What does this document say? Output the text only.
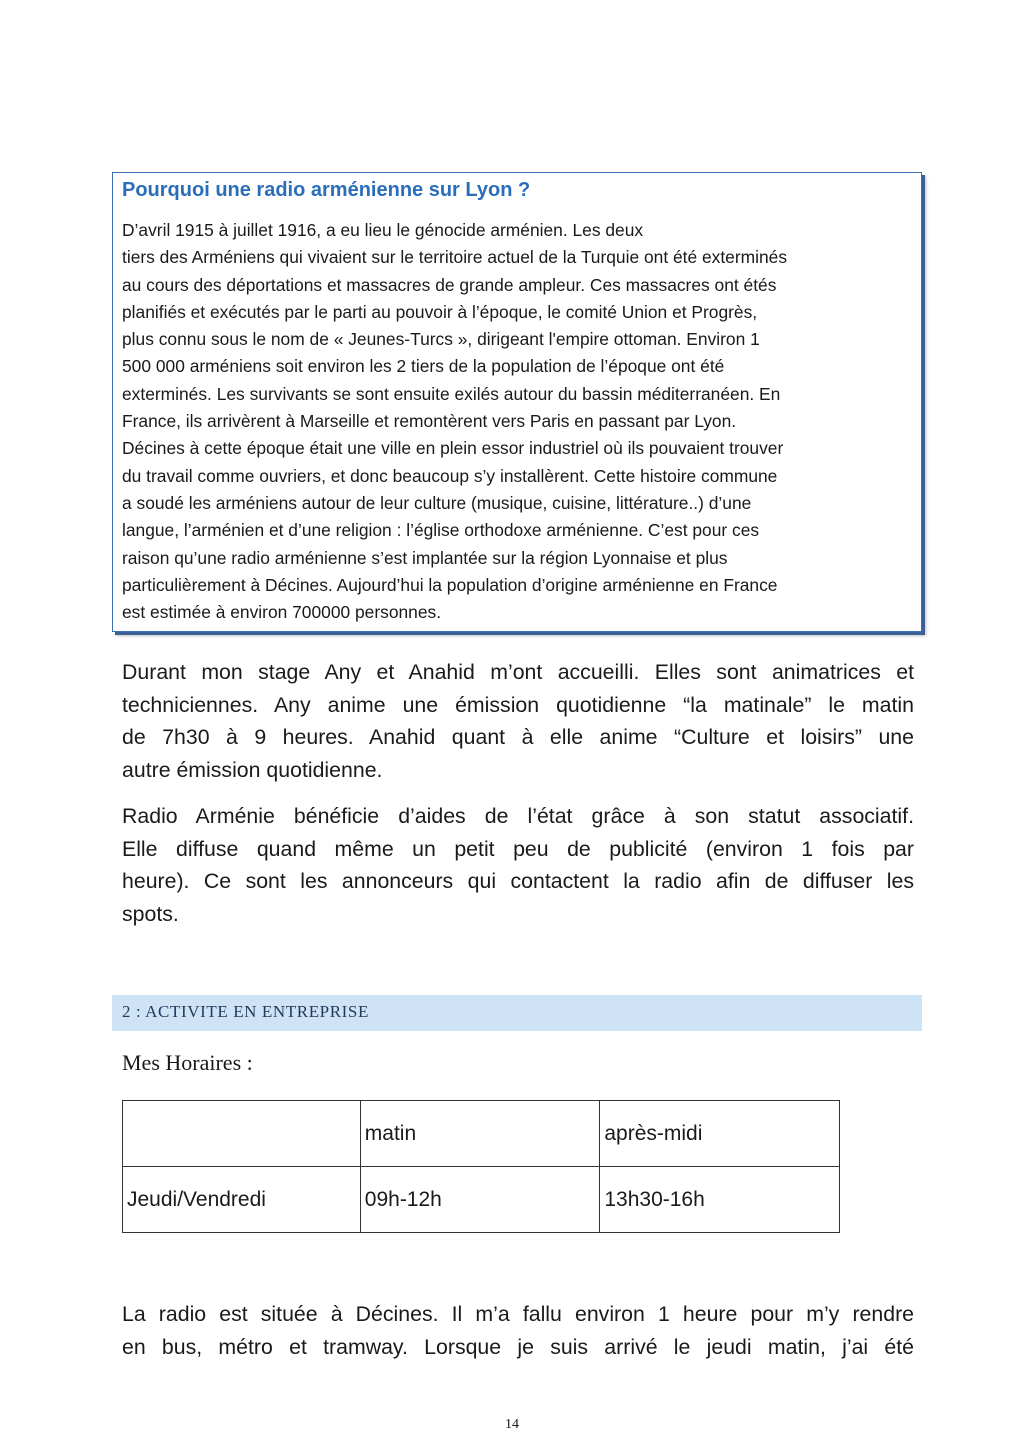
Pourquoi une radio arménienne sur Lyon ?
D’avril 1915 à juillet 1916, a eu lieu le génocide arménien. Les deux
tiers des Arméniens qui vivaient sur le territoire actuel de la Turquie ont été exterminés
au cours des déportations et massacres de grande ampleur. Ces massacres ont étés
planifiés et exécutés par le parti au pouvoir à l’époque, le comité Union et Progrès,
plus connu sous le nom de « Jeunes-Turcs », dirigeant l'empire ottoman. Environ 1
500 000 arméniens soit environ les 2 tiers de la population de l’époque ont été
exterminés. Les survivants se sont ensuite exilés autour du bassin méditerranéen. En
France, ils arrivèrent à Marseille et remontèrent vers Paris en passant par Lyon.
Décines à cette époque était une ville en plein essor industriel où ils pouvaient trouver
du travail comme ouvriers, et donc beaucoup s’y installèrent. Cette histoire commune
a soudé les arméniens autour de leur culture (musique, cuisine, littérature..) d’une
langue, l’arménien et d’une religion : l’église orthodoxe arménienne. C’est pour ces
raison qu’une radio arménienne s’est implantée sur la région Lyonnaise et plus
particulièrement à Décines. Aujourd’hui la population d’origine arménienne en France
est estimée à environ 700000 personnes.
Durant mon stage Any et Anahid m’ont accueilli. Elles sont animatrices et
techniciennes. Any anime une émission quotidienne “la matinale” le matin
de 7h30 à 9 heures. Anahid quant à elle anime “Culture et loisirs” une
autre émission quotidienne.
Radio Arménie bénéficie d’aides de l’état grâce à son statut associatif.
Elle diffuse quand même un petit peu de publicité (environ 1 fois par
heure). Ce sont les annonceurs qui contactent la radio afin de diffuser les
spots.
2 : ACTIVITE EN ENTREPRISE
Mes Horaires :
	matin	après-midi
Jeudi/Vendredi	09h-12h	13h30-16h
La radio est située à Décines. Il m’a fallu environ 1 heure pour m’y rendre
en bus, métro et tramway. Lorsque je suis arrivé le jeudi matin, j’ai été
14
